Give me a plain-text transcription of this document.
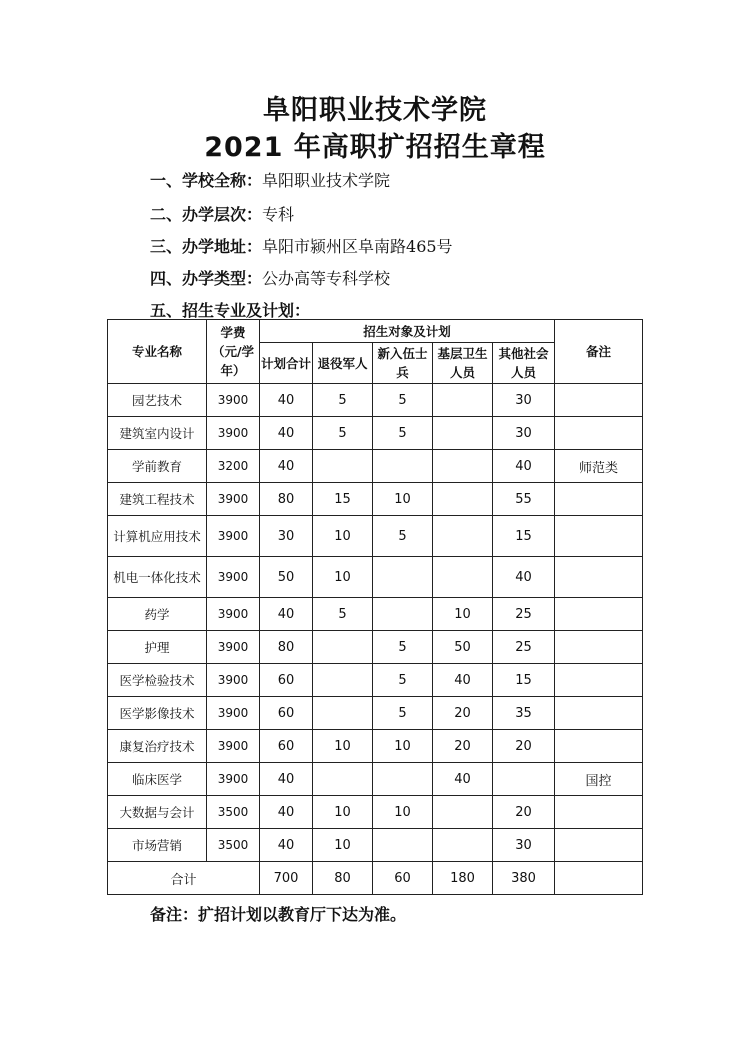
阜阳职业技术学院
2021 年高职扩招招生章程
一、学校全称：阜阳职业技术学院
二、办学层次：专科
三、办学地址：阜阳市颍州区阜南路465号
四、办学类型：公办高等专科学校
五、招生专业及计划：
专业名称	学费（元/学年）	招生对象及计划					备注
		计划合计	退役军人	新入伍士兵	基层卫生人员	其他社会人员	
园艺技术	3900	40	5	5		30	
建筑室内设计	3900	40	5	5		30	
学前教育	3200	40				40	师范类
建筑工程技术	3900	80	15	10		55	
计算机应用技术	3900	30	10	5		15	
机电一体化技术	3900	50	10			40	
药学	3900	40	5		10	25	
护理	3900	80		5	50	25	
医学检验技术	3900	60		5	40	15	
医学影像技术	3900	60		5	20	35	
康复治疗技术	3900	60	10	10	20	20	
临床医学	3900	40			40		国控
大数据与会计	3500	40	10	10		20	
市场营销	3500	40	10			30	
合计		700	80	60	180	380	
备注：扩招计划以教育厅下达为准。
